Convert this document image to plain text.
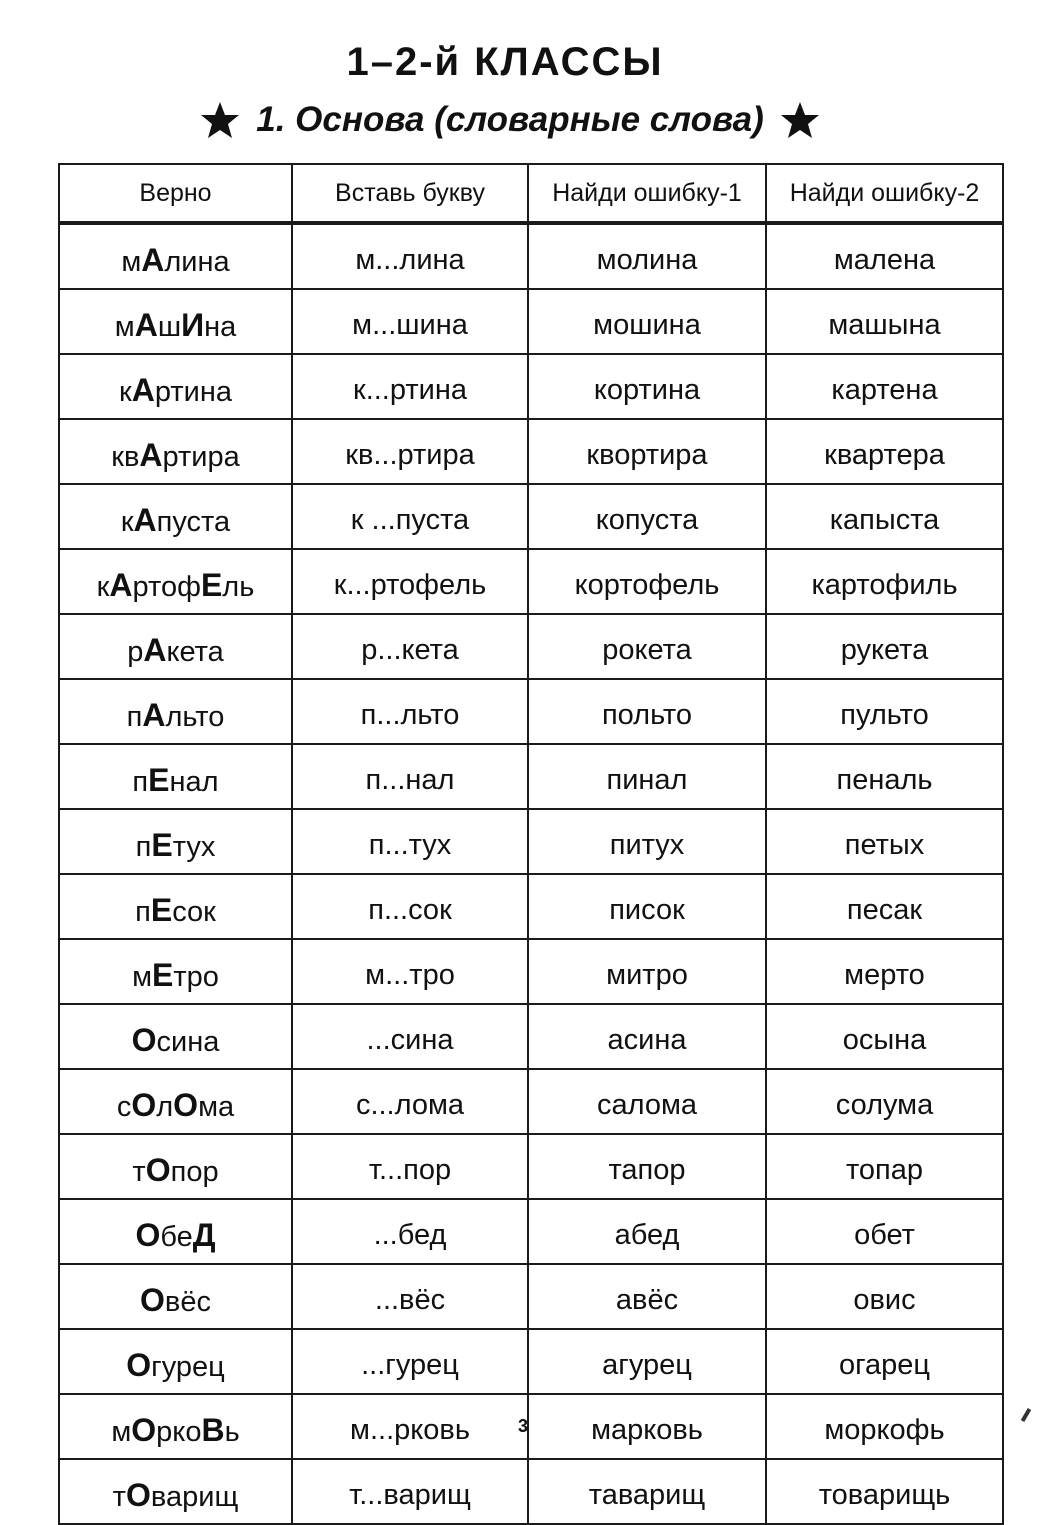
1–2-й КЛАССЫ
1. Основа (словарные слова)
Верно	Вставь букву	Найди ошибку-1	Найди ошибку-2
мАлина	м...лина	молина	малена
мАшИна	м...шина	мошина	машына
кАртина	к...ртина	кортина	картена
квАртира	кв...ртира	квортира	квартера
кАпуста	к ...пуста	копуста	капыста
кАртофЕль	к...ртофель	кортофель	картофиль
рАкета	р...кета	рокета	рукета
пАльто	п...льто	польто	пульто
пЕнал	п...нал	пинал	пеналь
пЕтух	п...тух	питух	петых
пЕсок	п...сок	писок	песак
мЕтро	м...тро	митро	мерто
Осина	...сина	асина	осына
сОлОма	с...лома	салома	солума
тОпор	т...пор	тапор	топар
ОбеД	...бед	абед	обет
Овёс	...вёс	авёс	овис
Огурец	...гурец	агурец	огарец
мОркоВь	м...рковь	марковь	моркофь
тОварищ	т...варищ	таварищ	товарищь
3
